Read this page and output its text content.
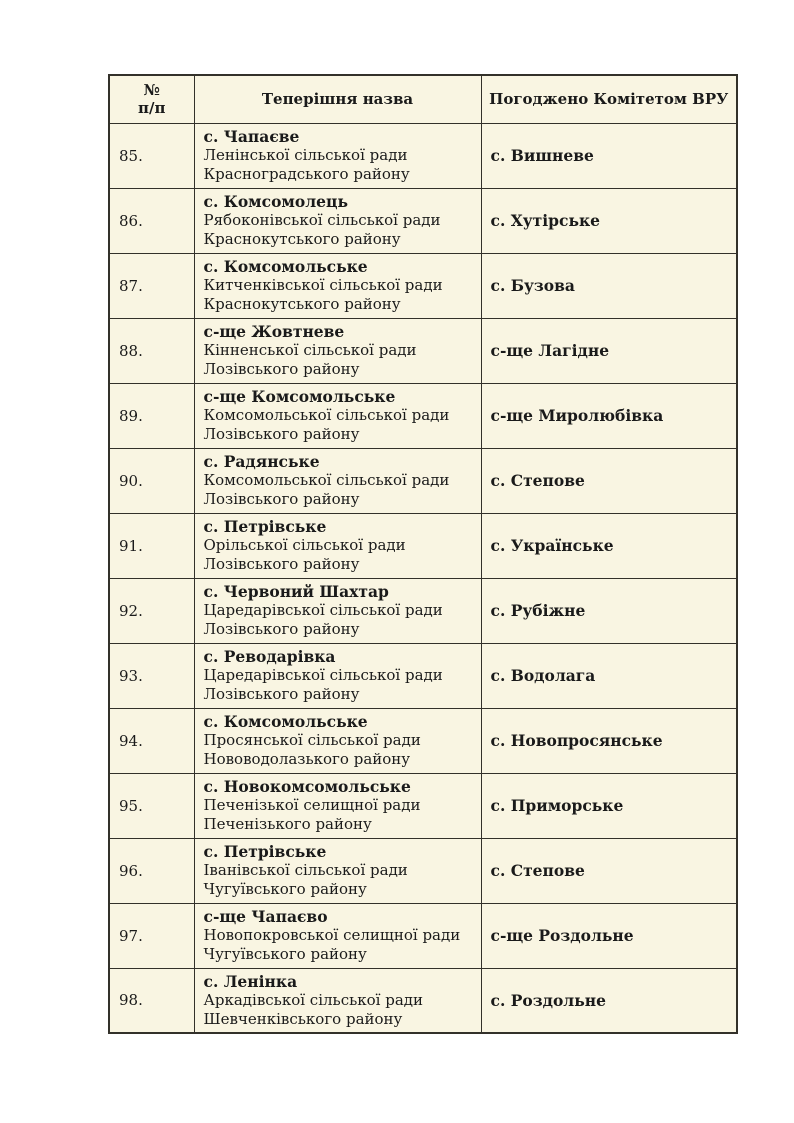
№
п/п	Теперішня назва	Погоджено Комітетом ВРУ
85.	с. Чапаєве
Ленінської сільської ради
Красноградського району	с. Вишневе
86.	с. Комсомолець
Рябоконівської сільської ради
Краснокутського району	с. Хутірське
87.	с. Комсомольське
Китченківської сільської ради
Краснокутського району	с. Бузова
88.	с-ще Жовтневе
Кінненської сільської ради
Лозівського району	с-ще Лагідне
89.	с-ще Комсомольське
Комсомольської сільської ради
Лозівського району	с-ще Миролюбівка
90.	с. Радянське
Комсомольської сільської ради
Лозівського району	с. Степове
91.	с. Петрівське
Орільської сільської ради
Лозівського району	с. Українське
92.	с. Червоний Шахтар
Царедарівської сільської ради
Лозівського району	с. Рубіжне
93.	с. Реводарівка
Царедарівської сільської ради
Лозівського району	с. Водолага
94.	с. Комсомольське
Просянської сільської ради
Нововодолазького району	с. Новопросянське
95.	с. Новокомсомольське
Печенізької селищної ради
Печенізького району	с. Приморське
96.	с. Петрівське
Іванівської сільської ради
Чугуївського району	с. Степове
97.	с-ще Чапаєво
Новопокровської селищної ради
Чугуївського району	с-ще Роздольне
98.	с. Ленінка
Аркадівської сільської ради
Шевченківського району	с. Роздольне
